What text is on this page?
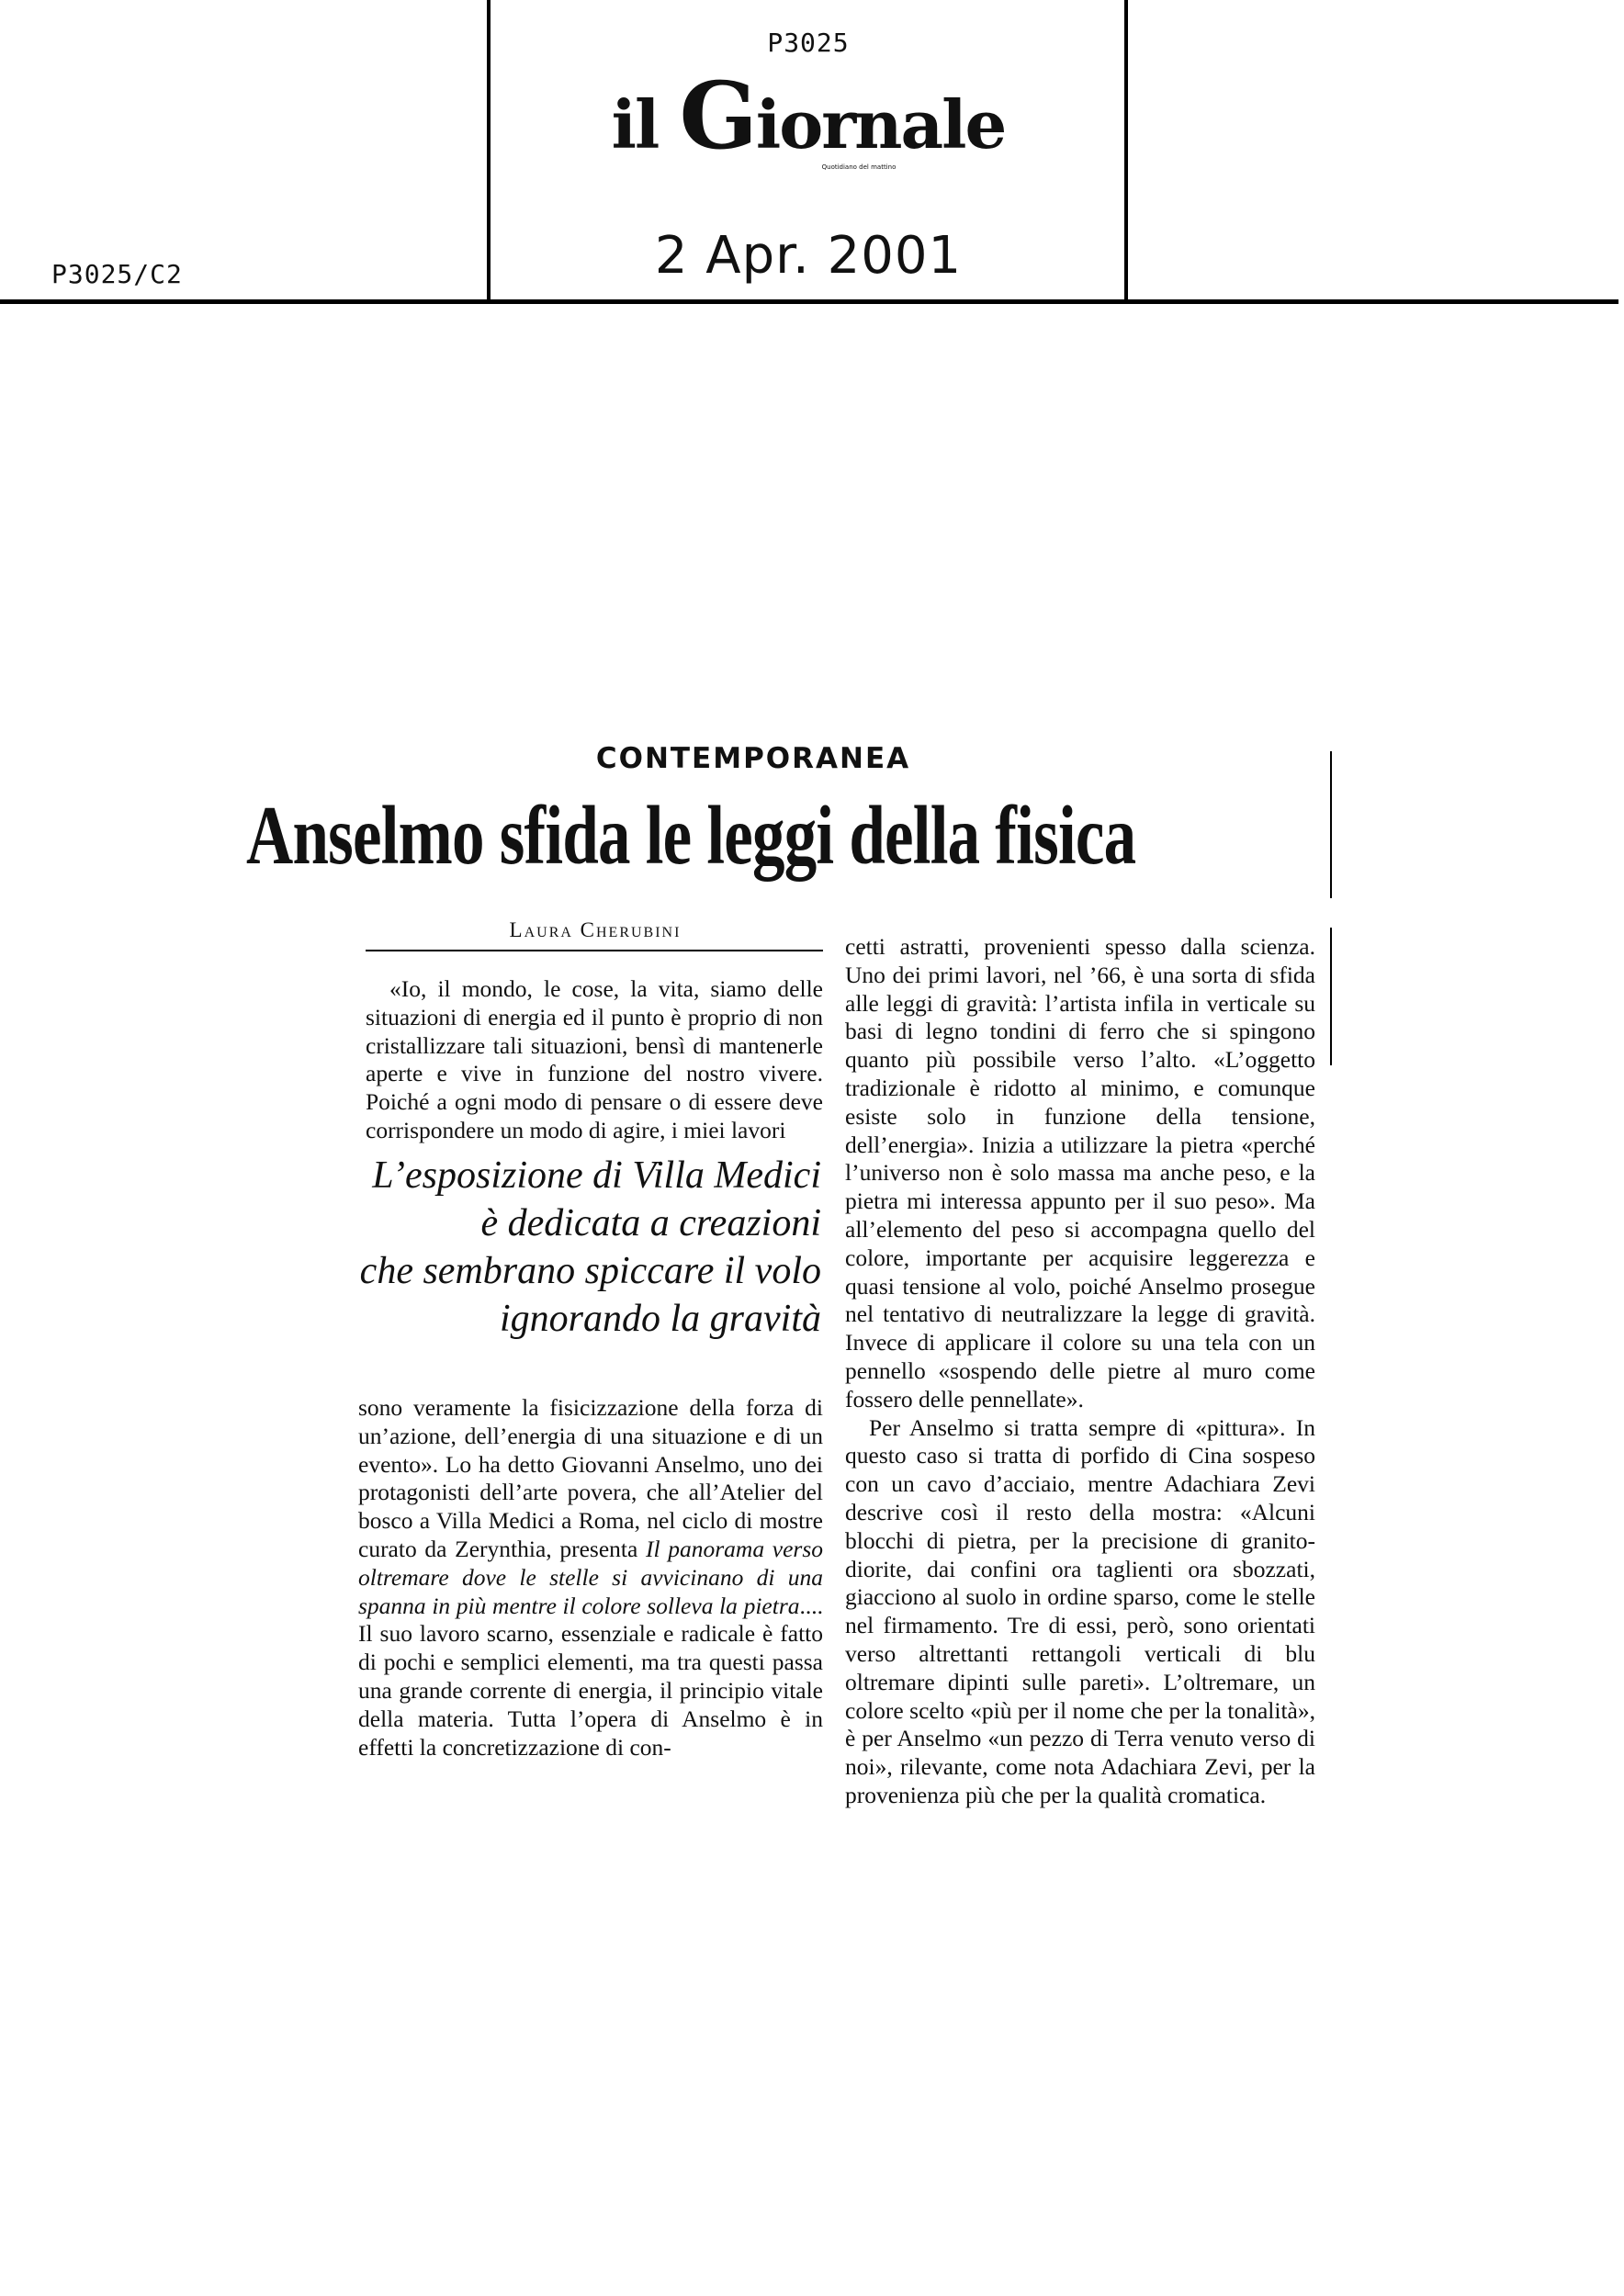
P3025
il Giornale
Quotidiano del mattino
2 Apr. 2001
P3025/C2
CONTEMPORANEA
Anselmo sfida le leggi della fisica
Laura Cherubini

«Io, il mondo, le cose, la vita, siamo delle situazioni di energia ed il punto è proprio di non cristallizzare tali situazioni, bensì di mantenerle aperte e vive in funzione del nostro vivere. Poiché a ogni modo di pensare o di essere deve corrispondere un modo di agire, i miei lavori

L’esposizione di Villa Medici

è dedicata a creazioni

che sembrano spiccare il volo

ignorando la gravità

sono veramente la fisicizzazione della forza di un’azione, dell’energia di una situazione e di un evento». Lo ha detto Giovanni Anselmo, uno dei protagonisti dell’arte povera, che all’Atelier del bosco a Villa Medici a Roma, nel ciclo di mostre curato da Zerynthia, presenta Il panorama verso oltremare dove le stelle si avvicinano di una spanna in più mentre il colore solleva la pietra.... Il suo lavoro scarno, essenziale e radicale è fatto di pochi e semplici elementi, ma tra questi passa una grande corrente di energia, il principio vitale della materia. Tutta l’opera di Anselmo è in effetti la concretizzazione di con-

cetti astratti, provenienti spesso dalla scienza. Uno dei primi lavori, nel ’66, è una sorta di sfida alle leggi di gravità: l’artista infila in verticale su basi di legno tondini di ferro che si spingono quanto più possibile verso l’alto. «L’oggetto tradizionale è ridotto al minimo, e comunque esiste solo in funzione della tensione, dell’energia». Inizia a utilizzare la pietra «perché l’universo non è solo massa ma anche peso, e la pietra mi interessa appunto per il suo peso». Ma all’elemento del peso si accompagna quello del colore, importante per acquisire leggerezza e quasi tensione al volo, poiché Anselmo prosegue nel tentativo di neutralizzare la legge di gravità. Invece di applicare il colore su una tela con un pennello «sospendo delle pietre al muro come fossero delle pennellate».

Per Anselmo si tratta sempre di «pittura». In questo caso si tratta di porfido di Cina sospeso con un cavo d’acciaio, mentre Adachiara Zevi descrive così il resto della mostra: «Alcuni blocchi di pietra, per la precisione di granito-diorite, dai confini ora taglienti ora sbozzati, giacciono al suolo in ordine sparso, come le stelle nel firmamento. Tre di essi, però, sono orientati verso altrettanti rettangoli verticali di blu oltremare dipinti sulle pareti». L’oltremare, un colore scelto «più per il nome che per la tonalità», è per Anselmo «un pezzo di Terra venuto verso di noi», rilevante, come nota Adachiara Zevi, per la provenienza più che per la qualità cromatica.
